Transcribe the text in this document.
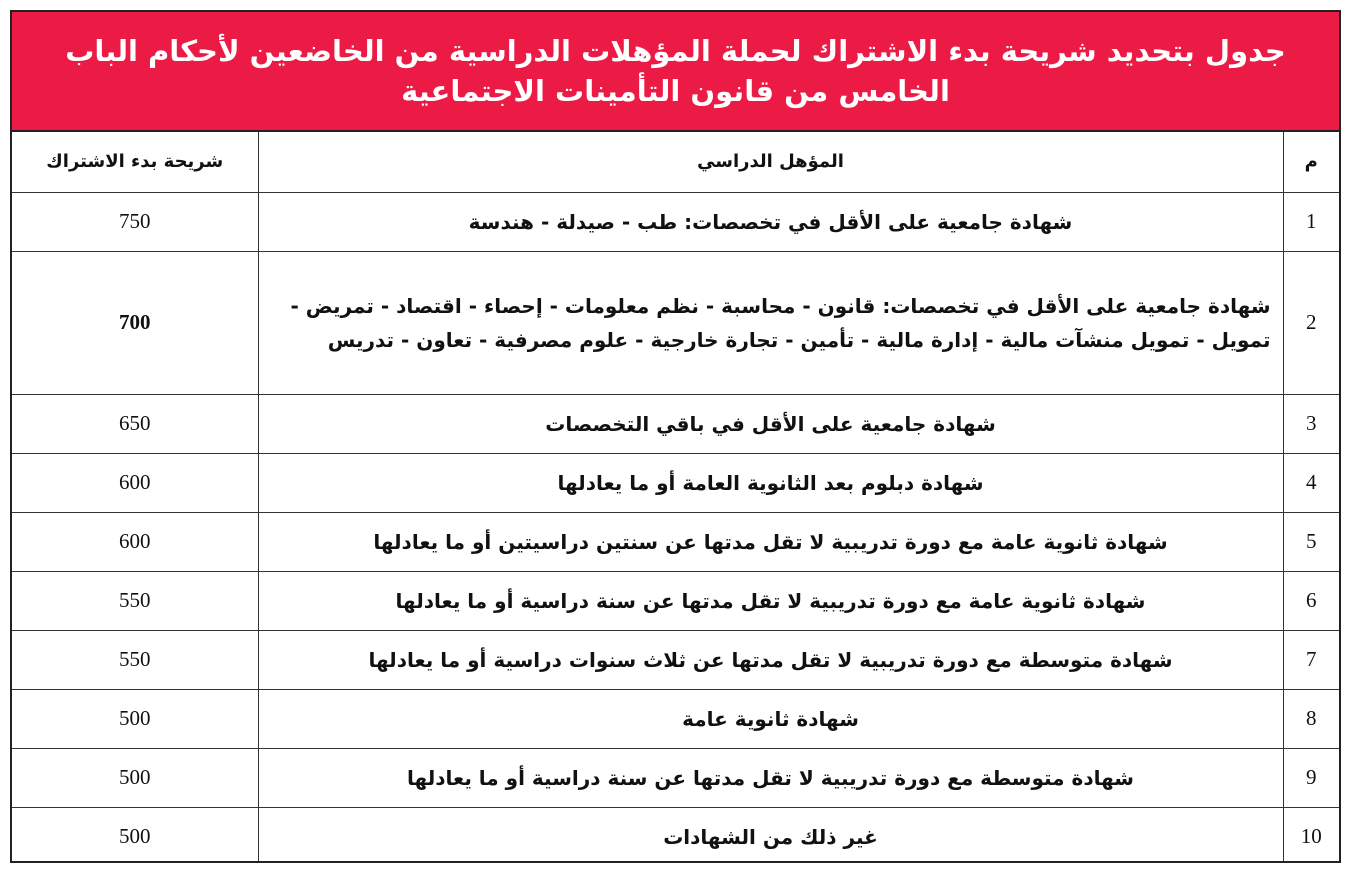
جدول بتحديد شريحة بدء الاشتراك لحملة المؤهلات الدراسية من الخاضعين لأحكام الباب
الخامس من قانون التأمينات الاجتماعية
م	المؤهل الدراسي	شريحة بدء الاشتراك
1	شهادة جامعية على الأقل في تخصصات: طب - صيدلة - هندسة	750
2	شهادة جامعية على الأقل في تخصصات: قانون - محاسبة - نظم معلومات - إحصاء - اقتصاد - تمريض - تمويل - تمويل منشآت مالية - إدارة مالية - تأمين - تجارة خارجية - علوم مصرفية - تعاون - تدريس	700
3	شهادة جامعية على الأقل في باقي التخصصات	650
4	شهادة دبلوم بعد الثانوية العامة أو ما يعادلها	600
5	شهادة ثانوية عامة مع دورة تدريبية لا تقل مدتها عن سنتين دراسيتين أو ما يعادلها	600
6	شهادة ثانوية عامة مع دورة تدريبية لا تقل مدتها عن سنة دراسية أو ما يعادلها	550
7	شهادة متوسطة مع دورة تدريبية لا تقل مدتها عن ثلاث سنوات دراسية أو ما يعادلها	550
8	شهادة ثانوية عامة	500
9	شهادة متوسطة مع دورة تدريبية لا تقل مدتها عن سنة دراسية أو ما يعادلها	500
10	غير ذلك من الشهادات	500
